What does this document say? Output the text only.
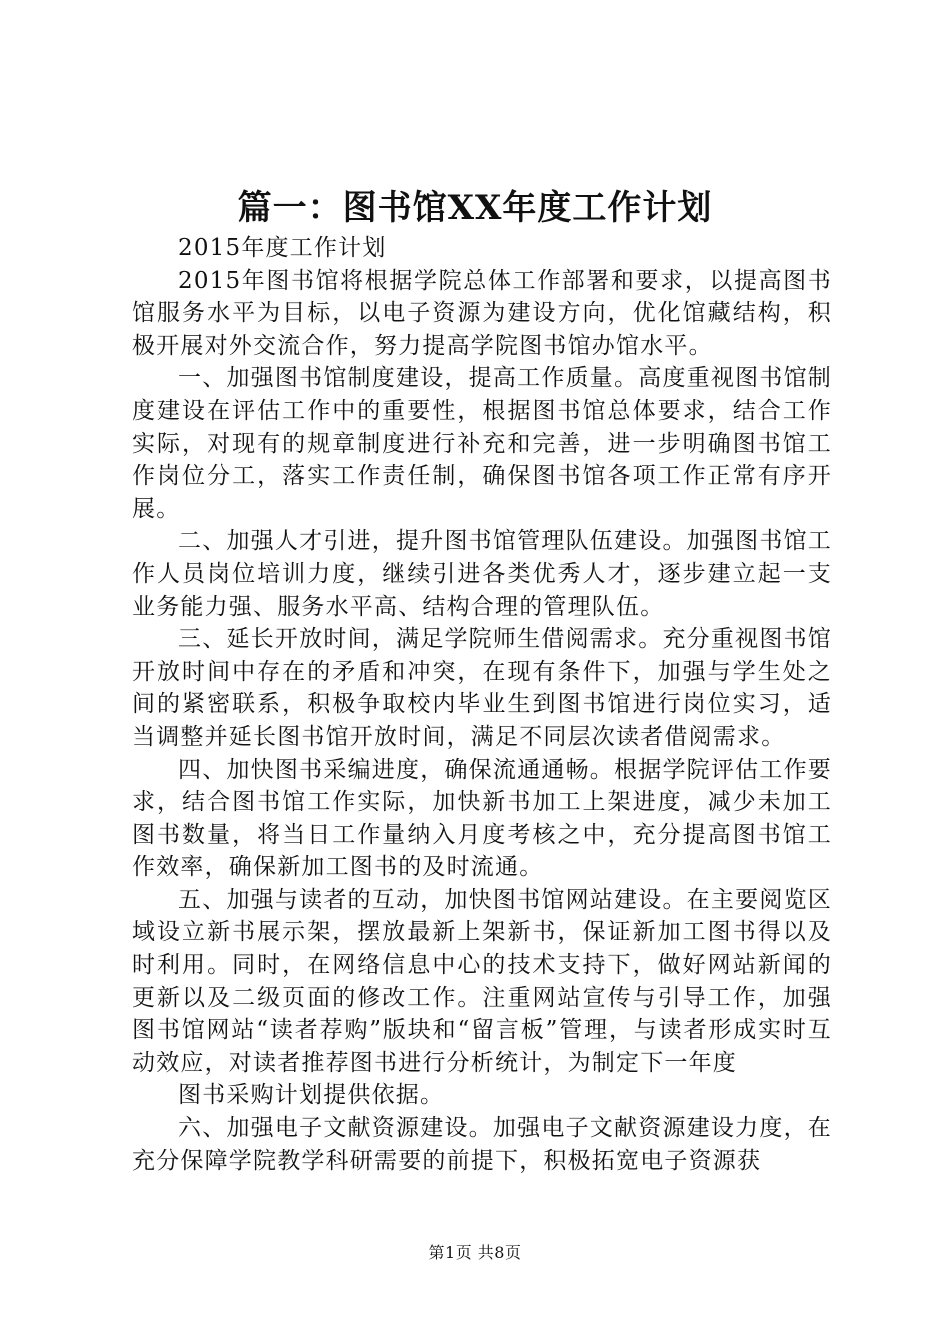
篇一：图书馆XX年度工作计划

2015年度工作计划

2015年图书馆将根据学院总体工作部署和要求，以提高图书馆服务水平为目标，以电子资源为建设方向，优化馆藏结构，积极开展对外交流合作，努力提高学院图书馆办馆水平。

一、加强图书馆制度建设，提高工作质量。高度重视图书馆制度建设在评估工作中的重要性，根据图书馆总体要求，结合工作实际，对现有的规章制度进行补充和完善，进一步明确图书馆工作岗位分工，落实工作责任制，确保图书馆各项工作正常有序开展。

二、加强人才引进，提升图书馆管理队伍建设。加强图书馆工作人员岗位培训力度，继续引进各类优秀人才，逐步建立起一支业务能力强、服务水平高、结构合理的管理队伍。

三、延长开放时间，满足学院师生借阅需求。充分重视图书馆开放时间中存在的矛盾和冲突，在现有条件下，加强与学生处之间的紧密联系，积极争取校内毕业生到图书馆进行岗位实习，适当调整并延长图书馆开放时间，满足不同层次读者借阅需求。

四、加快图书采编进度，确保流通通畅。根据学院评估工作要求，结合图书馆工作实际，加快新书加工上架进度，减少未加工图书数量，将当日工作量纳入月度考核之中，充分提高图书馆工作效率，确保新加工图书的及时流通。

五、加强与读者的互动，加快图书馆网站建设。在主要阅览区域设立新书展示架，摆放最新上架新书，保证新加工图书得以及时利用。同时，在网络信息中心的技术支持下，做好网站新闻的更新以及二级页面的修改工作。注重网站宣传与引导工作，加强图书馆网站“读者荐购”版块和“留言板”管理，与读者形成实时互动效应，对读者推荐图书进行分析统计，为制定下一年度

图书采购计划提供依据。

六、加强电子文献资源建设。加强电子文献资源建设力度，在充分保障学院教学科研需要的前提下，积极拓宽电子资源获

第1页 共8页
